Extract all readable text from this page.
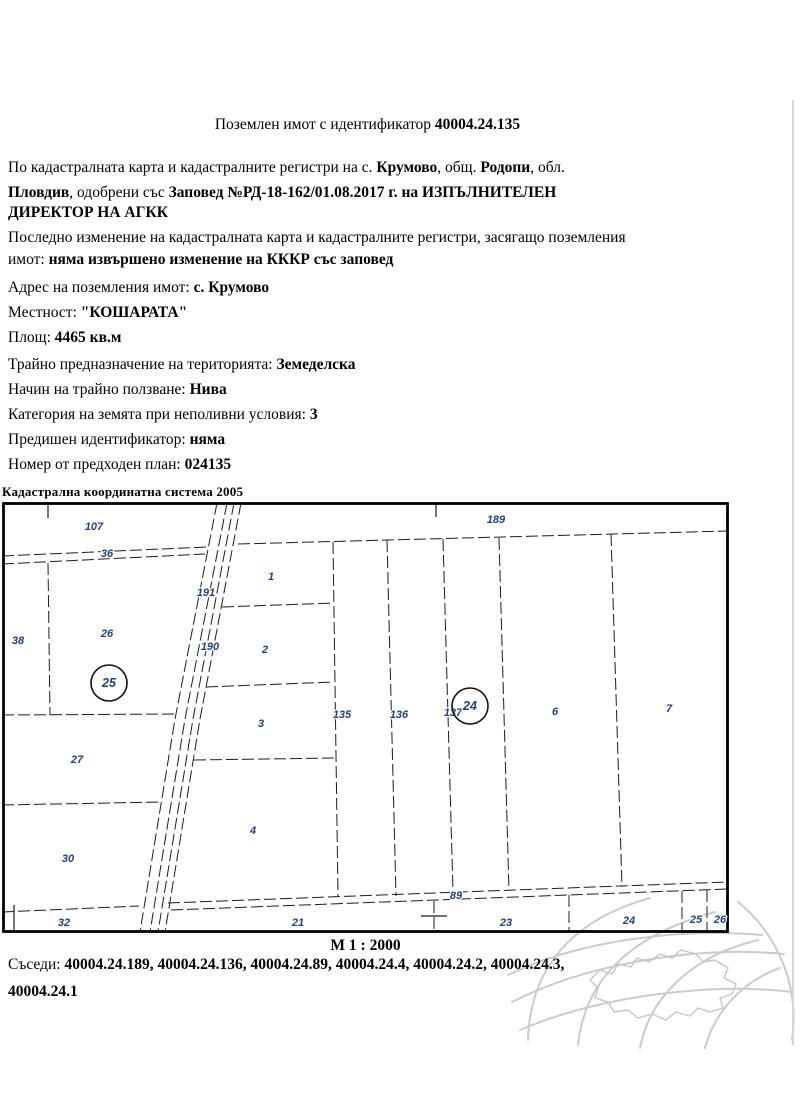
Поземлен имот с идентификатор 40004.24.135
По кадастралната карта и кадастралните регистри на с. Крумово, общ. Родопи, обл.
Пловдив, одобрени със Заповед №РД-18-162/01.08.2017 г. на ИЗПЪЛНИТЕЛЕН
ДИРЕКТОР НА АГКК
Последно изменение на кадастралната карта и кадастралните регистри, засягащо поземления
имот: няма извършено изменение на КККР със заповед
Адрес на поземления имот: с. Крумово
Местност: "КОШАРАТА"
Площ: 4465 кв.м
Трайно предназначение на територията: Земеделска
Начин на трайно ползване: Нива
Категория на земята при неполивни условия: 3
Предишен идентификатор: няма
Номер от предходен план: 024135
Кадастрална координатна система 2005
107
36
38
26
25
27
30
32
191
190
1
2
3
4
135	136	137 24	6	7
189
89
21	23	24	25 26
М 1 : 2000
Съседи: 40004.24.189, 40004.24.136, 40004.24.89, 40004.24.4, 40004.24.2, 40004.24.3,
40004.24.1
